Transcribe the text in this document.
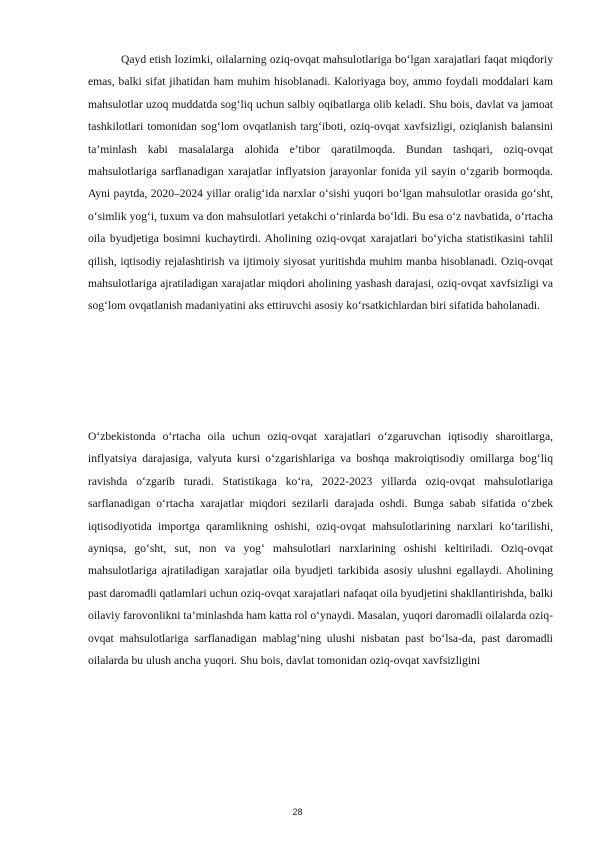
Qayd etish lozimki, oilalarning oziq-ovqat mahsulotlariga bo‘lgan xarajatlari faqat miqdoriy emas, balki sifat jihatidan ham muhim hisoblanadi. Kaloriyaga boy, ammo foydali moddalari kam mahsulotlar uzoq muddatda sog‘liq uchun salbiy oqibatlarga olib keladi. Shu bois, davlat va jamoat tashkilotlari tomonidan sog‘lom ovqatlanish targ‘iboti, oziq-ovqat xavfsizligi, oziqlanish balansini ta’minlash kabi masalalarga alohida e’tibor qaratilmoqda. Bundan tashqari, oziq-ovqat mahsulotlariga sarflanadigan xarajatlar inflyatsion jarayonlar fonida yil sayin o‘zgarib bormoqda. Ayni paytda, 2020–2024 yillar oralig‘ida narxlar o‘sishi yuqori bo‘lgan mahsulotlar orasida go‘sht, o‘simlik yog‘i, tuxum va don mahsulotlari yetakchi o‘rinlarda bo‘ldi. Bu esa o‘z navbatida, o‘rtacha oila byudjetiga bosimni kuchaytirdi. Aholining oziq-ovqat xarajatlari bo‘yicha statistikasini tahlil qilish, iqtisodiy rejalashtirish va ijtimoiy siyosat yuritishda muhim manba hisoblanadi. Oziq-ovqat mahsulotlariga ajratiladigan xarajatlar miqdori aholining yashash darajasi, oziq-ovqat xavfsizligi va sog‘lom ovqatlanish madaniyatini aks ettiruvchi asosiy ko‘rsatkichlardan biri sifatida baholanadi.

O‘zbekistonda o‘rtacha oila uchun oziq-ovqat xarajatlari o‘zgaruvchan iqtisodiy sharoitlarga, inflyatsiya darajasiga, valyuta kursi o‘zgarishlariga va boshqa makroiqtisodiy omillarga bog‘liq ravishda o‘zgarib turadi. Statistikaga ko‘ra, 2022-2023 yillarda oziq-ovqat mahsulotlariga sarflanadigan o‘rtacha xarajatlar miqdori sezilarli darajada oshdi. Bunga sabab sifatida o‘zbek iqtisodiyotida importga qaramlikning oshishi, oziq-ovqat mahsulotlarining narxlari ko‘tarilishi, ayniqsa, go‘sht, sut, non va yog‘ mahsulotlari narxlarining oshishi keltiriladi. Oziq-ovqat mahsulotlariga ajratiladigan xarajatlar oila byudjeti tarkibida asosiy ulushni egallaydi. Aholining past daromadli qatlamlari uchun oziq-ovqat xarajatlari nafaqat oila byudjetini shakllantirishda, balki oilaviy farovonlikni ta’minlashda ham katta rol o‘ynaydi. Masalan, yuqori daromadli oilalarda oziq-ovqat mahsulotlariga sarflanadigan mablag‘ning ulushi nisbatan past bo‘lsa-da, past daromadli oilalarda bu ulush ancha yuqori. Shu bois, davlat tomonidan oziq-ovqat xavfsizligini

28
